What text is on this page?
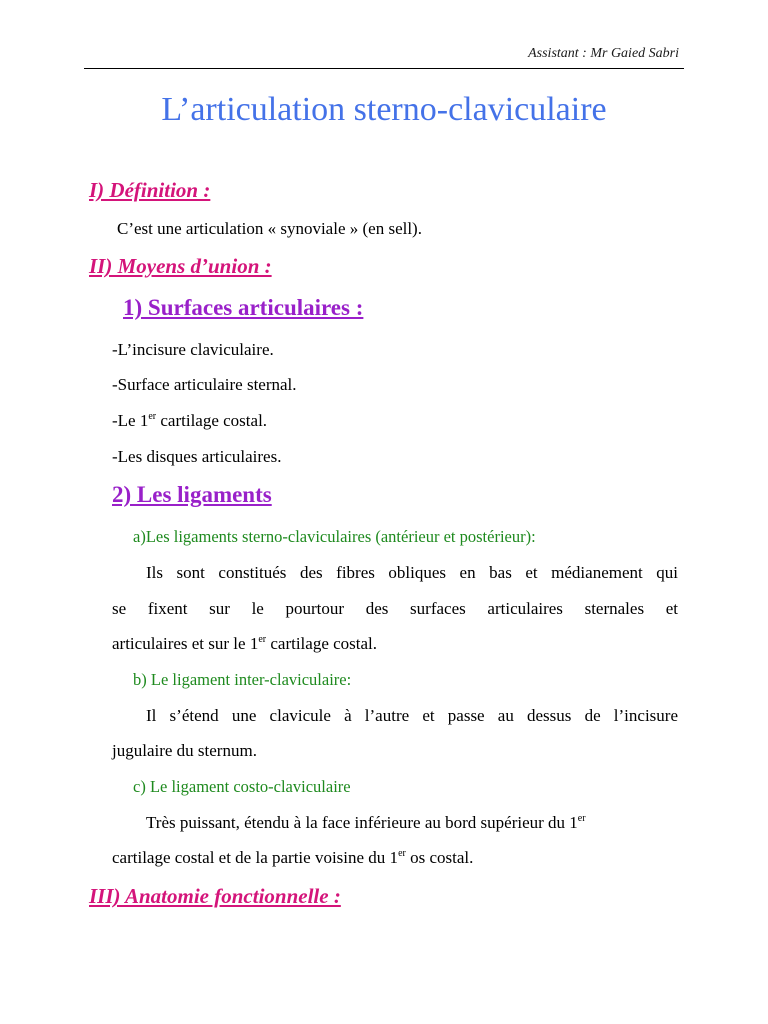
Assistant : Mr Gaied Sabri
L’articulation sterno-claviculaire
I) Définition :
C’est une articulation « synoviale » (en sell).
II) Moyens d’union :
1) Surfaces articulaires :
-L’incisure claviculaire.
-Surface articulaire sternal.
-Le 1er cartilage costal.
-Les disques articulaires.
2) Les ligaments
a)Les ligaments sterno-claviculaires (antérieur et postérieur):
Ils sont constitués des fibres obliques en bas et médianement qui
se fixent sur le pourtour des surfaces articulaires sternales et
articulaires et sur le 1er cartilage costal.
b) Le ligament inter-claviculaire:
Il s’étend une clavicule à l’autre et passe au dessus de l’incisure
jugulaire du sternum.
c) Le ligament costo-claviculaire
Très puissant, étendu à la face inférieure au bord supérieur du 1er
cartilage costal et de la partie voisine du 1er os costal.
III) Anatomie fonctionnelle :
